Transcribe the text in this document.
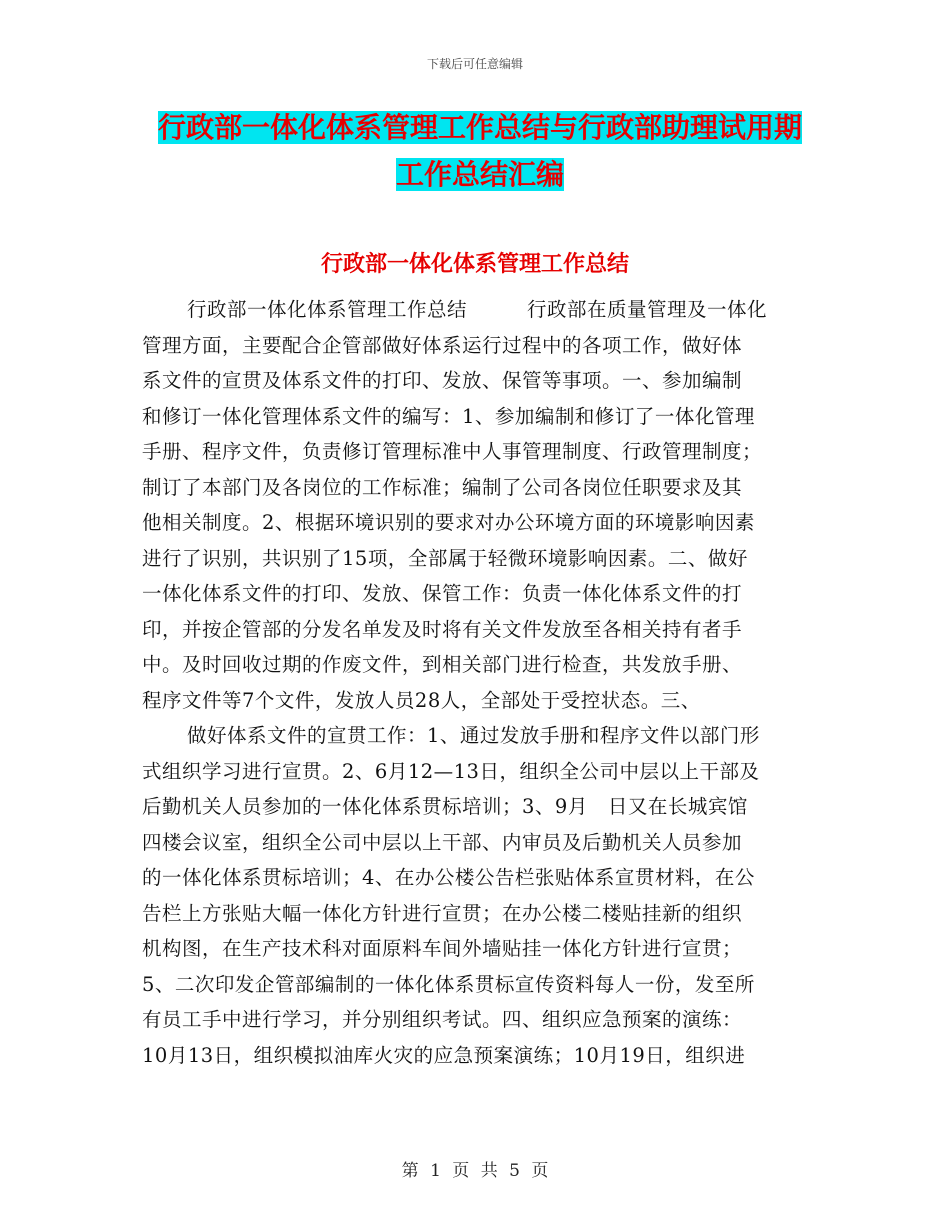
下载后可任意编辑
行政部一体化体系管理工作总结与行政部助理试用期
工作总结汇编
行政部一体化体系管理工作总结
行政部一体化体系管理工作总结　　　行政部在质量管理及一体化
管理方面，主要配合企管部做好体系运行过程中的各项工作，做好体
系文件的宣贯及体系文件的打印、发放、保管等事项。一、参加编制
和修订一体化管理体系文件的编写：1、参加编制和修订了一体化管理
手册、程序文件，负责修订管理标准中人事管理制度、行政管理制度；
制订了本部门及各岗位的工作标准；编制了公司各岗位任职要求及其
他相关制度。2、根据环境识别的要求对办公环境方面的环境影响因素
进行了识别，共识别了15项，全部属于轻微环境影响因素。二、做好
一体化体系文件的打印、发放、保管工作：负责一体化体系文件的打
印，并按企管部的分发名单发及时将有关文件发放至各相关持有者手
中。及时回收过期的作废文件，到相关部门进行检查，共发放手册、
程序文件等7个文件，发放人员28人，全部处于受控状态。三、
做好体系文件的宣贯工作：1、通过发放手册和程序文件以部门形
式组织学习进行宣贯。2、6月12—13日，组织全公司中层以上干部及
后勤机关人员参加的一体化体系贯标培训；3、9月　日又在长城宾馆
四楼会议室，组织全公司中层以上干部、内审员及后勤机关人员参加
的一体化体系贯标培训；4、在办公楼公告栏张贴体系宣贯材料，在公
告栏上方张贴大幅一体化方针进行宣贯；在办公楼二楼贴挂新的组织
机构图，在生产技术科对面原料车间外墙贴挂一体化方针进行宣贯；
5、二次印发企管部编制的一体化体系贯标宣传资料每人一份，发至所
有员工手中进行学习，并分别组织考试。四、组织应急预案的演练：
10月13日，组织模拟油库火灾的应急预案演练；10月19日，组织进
第 1 页 共 5 页
